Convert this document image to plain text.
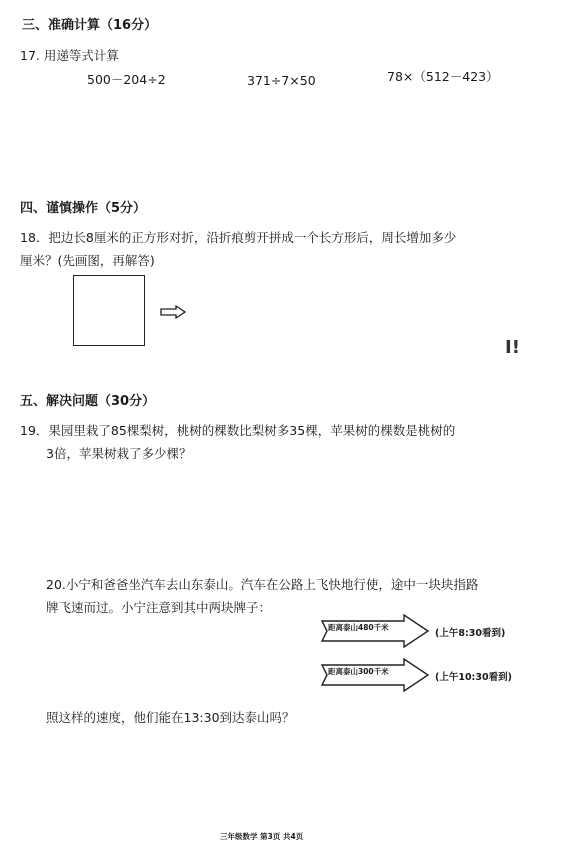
三、准确计算（16分）
17. 用递等式计算
500－204÷2	371÷7×50	78×（512－423）
四、谨慎操作（5分）
18．把边长8厘米的正方形对折，沿折痕剪开拼成一个长方形后，周长增加多少
厘米？(先画图，再解答)
I!
五、解决问题（30分）
19．果园里栽了85棵梨树，桃树的棵数比梨树多35棵，苹果树的棵数是桃树的
3倍，苹果树栽了多少棵？
20.小宁和爸爸坐汽车去山东泰山。汽车在公路上飞快地行使，途中一块块指路
牌飞速而过。小宁注意到其中两块牌子：
距离泰山480千米
(上午8:30看到)
距离泰山300千米
(上午10:30看到)
照这样的速度，他们能在13:30到达泰山吗？
三年级数学 第3页 共4页
